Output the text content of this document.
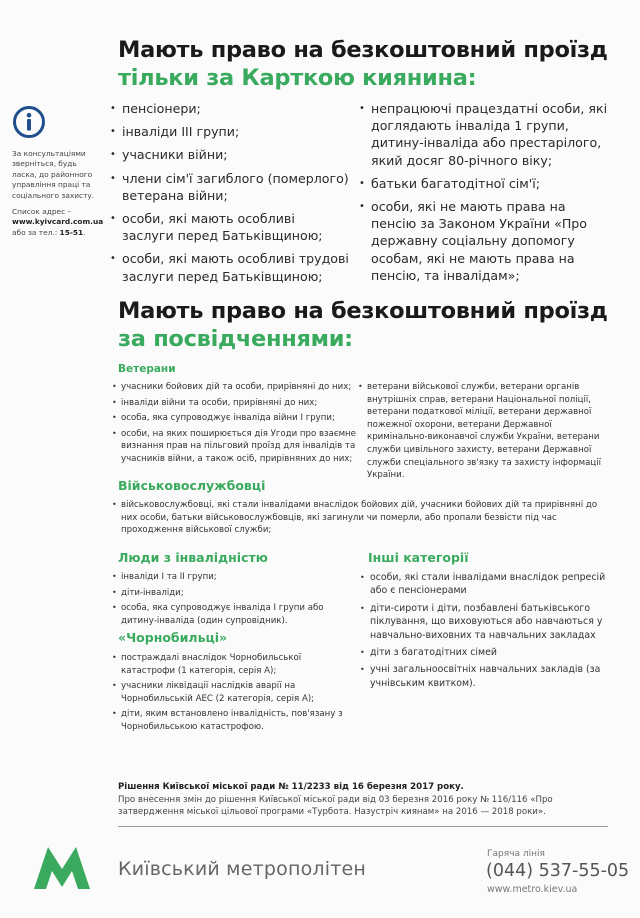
Мають право на безкоштовний проїзд
тільки за Карткою киянина:

За консультаціями зверніться, будь ласка, до районного управління праці та соціального захисту.

Список адрес –
www.kyivcard.com.ua
або за тел.: 15-51.

• пенсіонери;
• інваліди III групи;
• учасники війни;
• члени сім'ї загиблого (померлого) ветерана війни;
• особи, які мають особливі заслуги перед Батьківщиною;
• особи, які мають особливі трудові заслуги перед Батьківщиною;
• непрацюючі працездатні особи, які доглядають інваліда 1 групи, дитину-інваліда або престарілого, який досяг 80-річного віку;
• батьки багатодітної сім'ї;
• особи, які не мають права на пенсію за Законом України «Про державну соціальну допомогу особам, які не мають права на пенсію, та інвалідам»;
Мають право на безкоштовний проїзд
за посвідченнями:
Ветерани
• учасники бойових дій та особи, прирівняні до них;
• інваліди війни та особи, прирівняні до них;
• особа, яка супроводжує інваліда війни I групи;
• особи, на яких поширюється дія Угоди про взаємне визнання прав на пільговий проїзд для інвалідів та учасників війни, а також осіб, прирівняних до них;
• ветерани військової служби, ветерани органів внутрішніх справ, ветерани Національної поліції, ветерани податкової міліції, ветерани державної пожежної охорони, ветерани Державної кримінально-виконавчої служби України, ветерани служби цивільного захисту, ветерани Державної служби спеціального зв'язку та захисту інформації України.
Військовослужбовці
• військовослужбовці, які стали інвалідами внаслідок бойових дій, учасники бойових дій та прирівняні до них особи, батьки військовослужбовців, які загинули чи померли, або пропали безвісти під час проходження військової служби;
Люди з інвалідністю
• інваліди I та II групи;
• діти-інваліди;
• особа, яка супроводжує інваліда I групи або дитину-інваліда (один супровідник).
«Чорнобильці»
• постраждалі внаслідок Чорнобильської катастрофи (1 категорія, серія А);
• учасники ліквідації наслідків аварії на Чорнобильській АЕС (2 категорія, серія А);
• діти, яким встановлено інвалідність, пов'язану з Чорнобильською катастрофою.
Інші категорії
• особи, які стали інвалідами внаслідок репресій або є пенсіонерами
• діти-сироти і діти, позбавлені батьківського піклування, що виховуються або навчаються у навчально-виховних та навчальних закладах
• діти з багатодітних сімей
• учні загальноосвітніх навчальних закладів (за учнівським квитком).
Рішення Київської міської ради № 11/2233 від 16 березня 2017 року.
Про внесення змін до рішення Київської міської ради від 03 березня 2016 року № 116/116 «Про затвердження міської цільової програми «Турбота. Назустріч киянам» на 2016 — 2018 роки».
Київський метрополітен
Гаряча лінія
(044) 537-55-05
www.metro.kiev.ua
